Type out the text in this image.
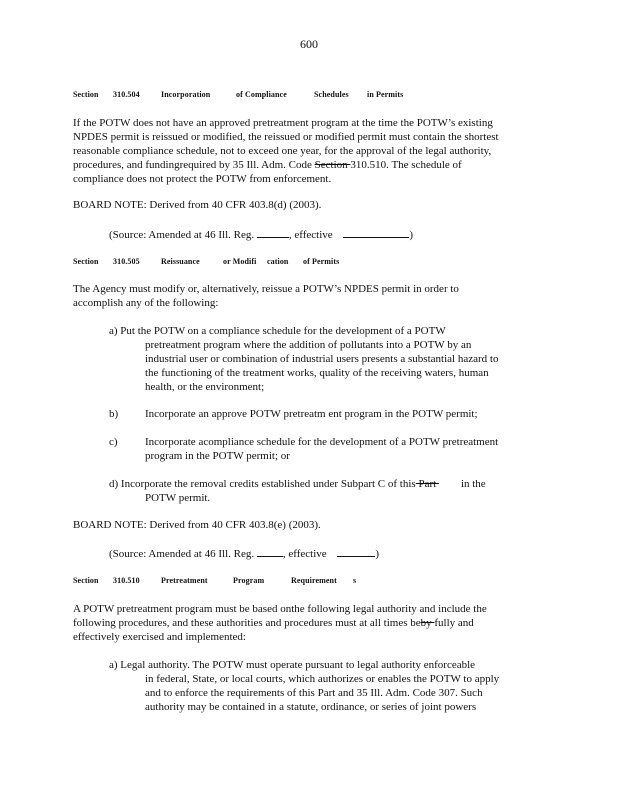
600
Section 310.504	Incorporation	of Compliance	Schedules in Permits
If the POTW does not have an approved pretreatment program at the time the POTW’s existing
NPDES permit is reissued or modified, the reissued or modified permit must contain the shortest
reasonable compliance schedule, not to exceed one year, for the approval of the legal authority,
procedures, and fundingrequired by 35 Ill. Adm. Code Section 310.510. The schedule of
compliance does not protect the POTW from enforcement.
BOARD NOTE: Derived from 40 CFR 403.8(d) (2003).
(Source: Amended at 46 Ill. Reg.	, effective	)
Section 310.505	Reissuance	or Modifi cation of Permits
The Agency must modify or, alternatively, reissue a POTW’s NPDES permit in order to
accomplish any of the following:
a) Put the POTW on a compliance schedule for the development of a POTW
pretreatment program where the addition of pollutants into a POTW by an
industrial user or combination of industrial users presents a substantial hazard to
the functioning of the treatment works, quality of the receiving waters, human
health, or the environment;
b) Incorporate an approve POTW pretreatm ent program in the POTW permit;
c) Incorporate acompliance schedule for the development of a POTW pretreatment
program in the POTW permit; or
d) Incorporate the removal credits established under Subpart C of this Part in the
POTW permit.
BOARD NOTE: Derived from 40 CFR 403.8(e) (2003).
(Source: Amended at 46 Ill. Reg.	, effective	)
Section 310.510	Pretreatment	Program	Requirement s
A POTW pretreatment program must be based onthe following legal authority and include the
following procedures, and these authorities and procedures must at all times beby fully and
effectively exercised and implemented:
a) Legal authority. The POTW must operate pursuant to legal authority enforceable
in federal, State, or local courts, which authorizes or enables the POTW to apply
and to enforce the requirements of this Part and 35 Ill. Adm. Code 307. Such
authority may be contained in a statute, ordinance, or series of joint powers
